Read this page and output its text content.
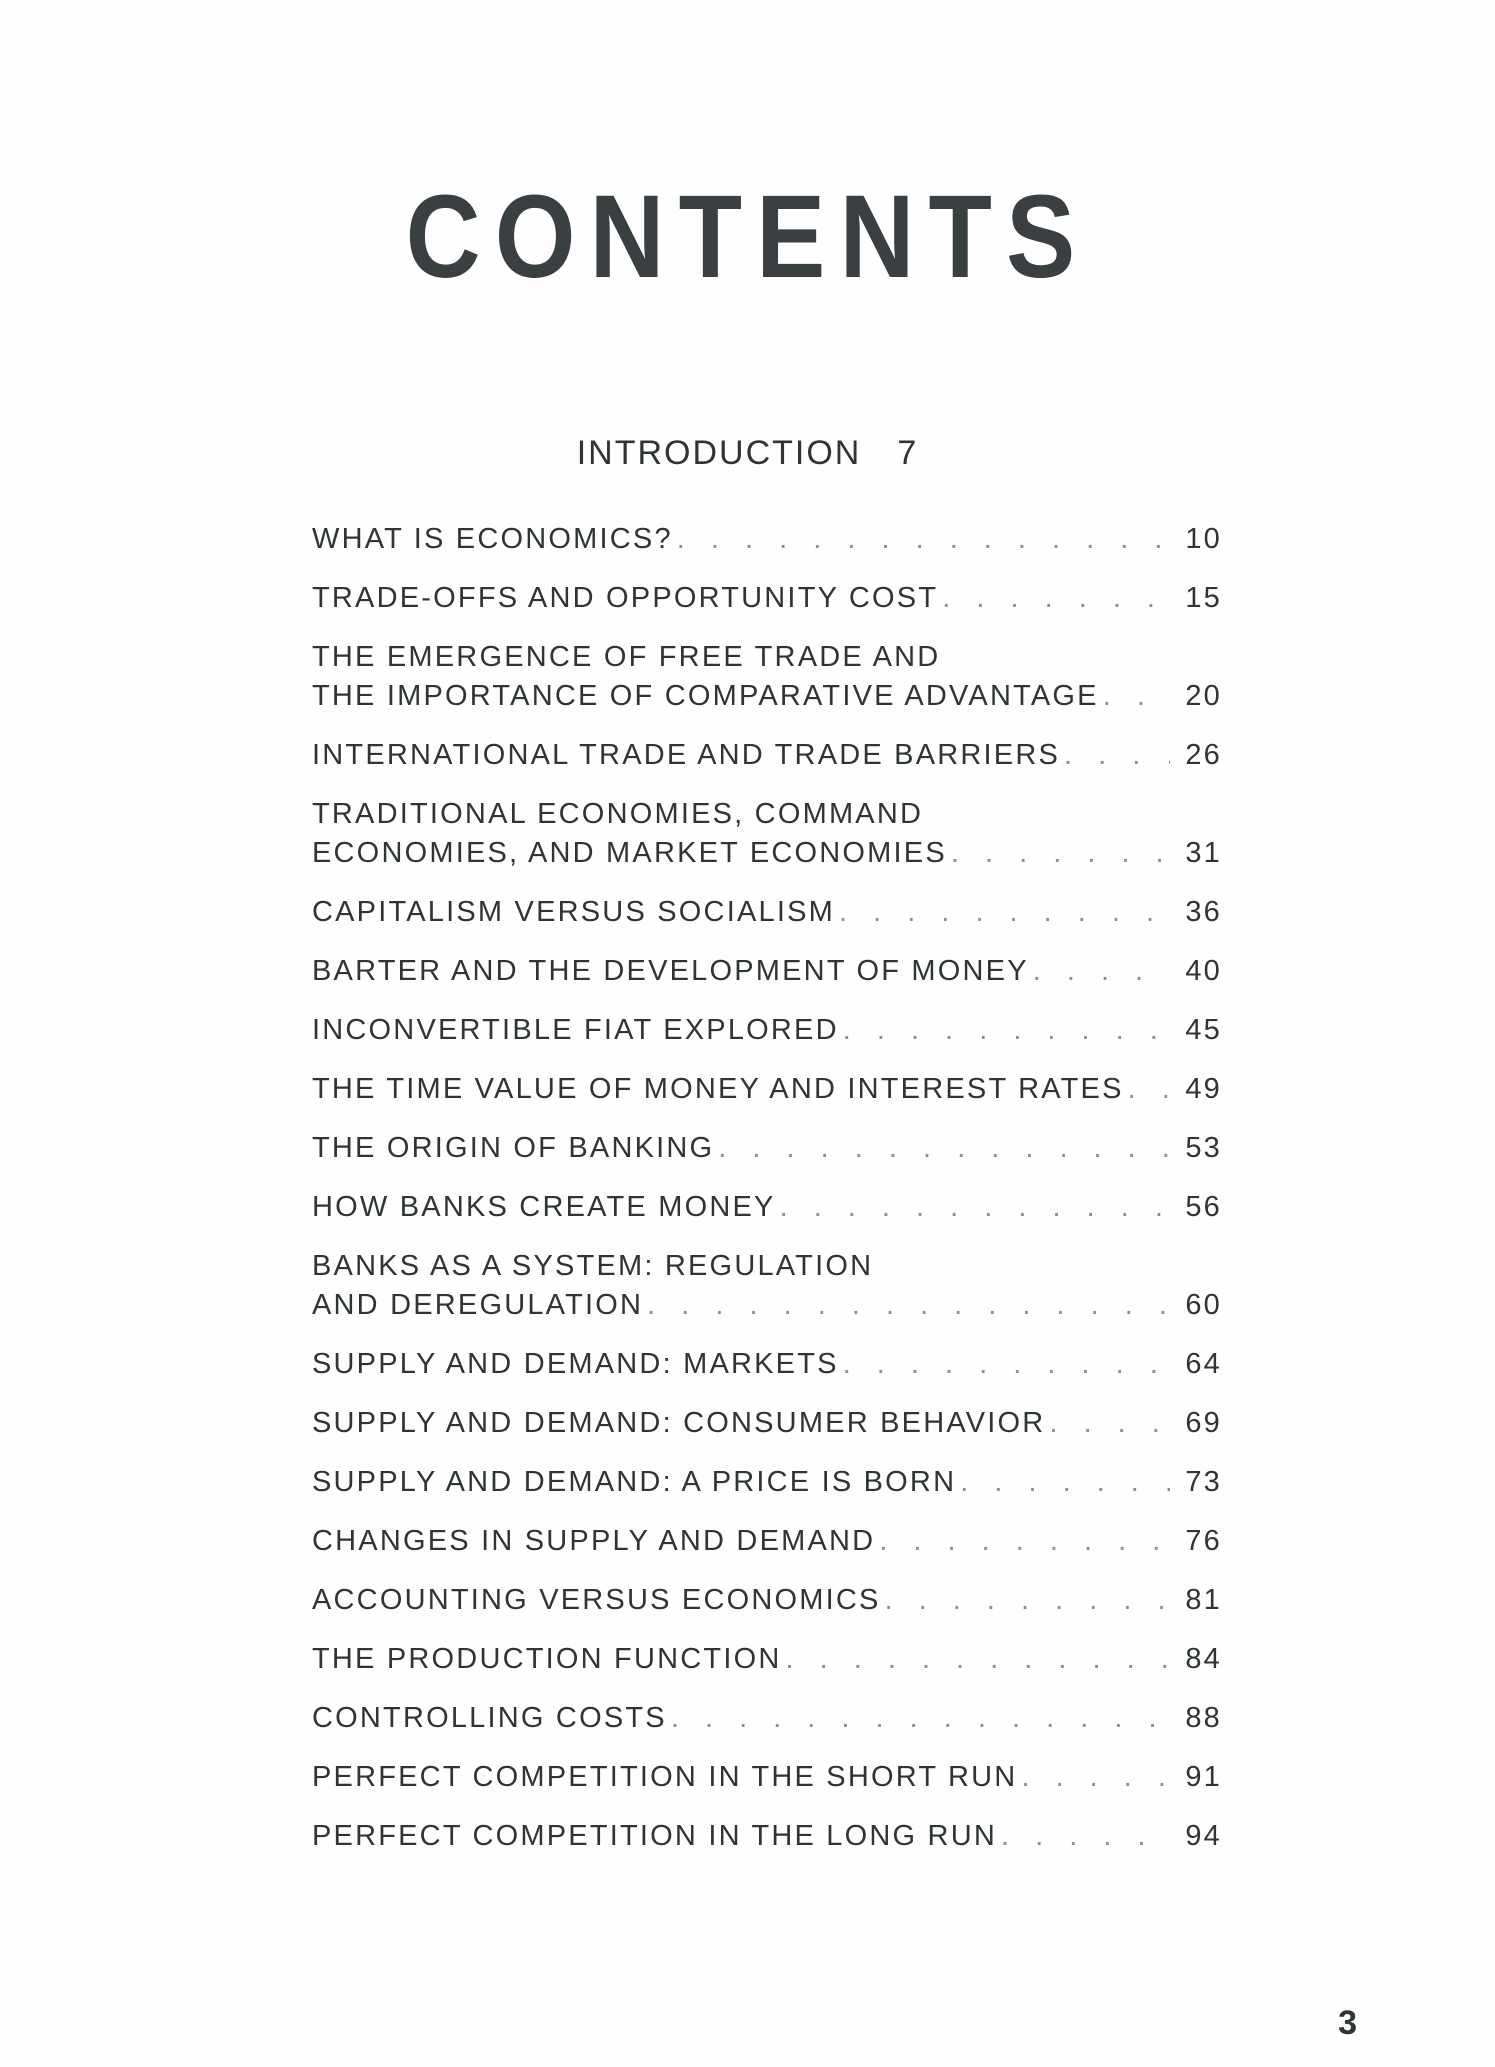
CONTENTS
INTRODUCTION 7
WHAT IS ECONOMICS? . . .	10
TRADE-OFFS AND OPPORTUNITY COST . . .	15
THE EMERGENCE OF FREE TRADE AND
THE IMPORTANCE OF COMPARATIVE ADVANTAGE . . .	20
INTERNATIONAL TRADE AND TRADE BARRIERS . . .	26
TRADITIONAL ECONOMIES, COMMAND
ECONOMIES, AND MARKET ECONOMIES . . .	31
CAPITALISM VERSUS SOCIALISM . . .	36
BARTER AND THE DEVELOPMENT OF MONEY . . .	40
INCONVERTIBLE FIAT EXPLORED . . .	45
THE TIME VALUE OF MONEY AND INTEREST RATES . . .	49
THE ORIGIN OF BANKING . . .	53
HOW BANKS CREATE MONEY . . .	56
BANKS AS A SYSTEM: REGULATION
AND DEREGULATION . . .	60
SUPPLY AND DEMAND: MARKETS . . .	64
SUPPLY AND DEMAND: CONSUMER BEHAVIOR . . .	69
SUPPLY AND DEMAND: A PRICE IS BORN . . .	73
CHANGES IN SUPPLY AND DEMAND . . .	76
ACCOUNTING VERSUS ECONOMICS . . .	81
THE PRODUCTION FUNCTION . . .	84
CONTROLLING COSTS . . .	88
PERFECT COMPETITION IN THE SHORT RUN . . .	91
PERFECT COMPETITION IN THE LONG RUN . . .	94
3
